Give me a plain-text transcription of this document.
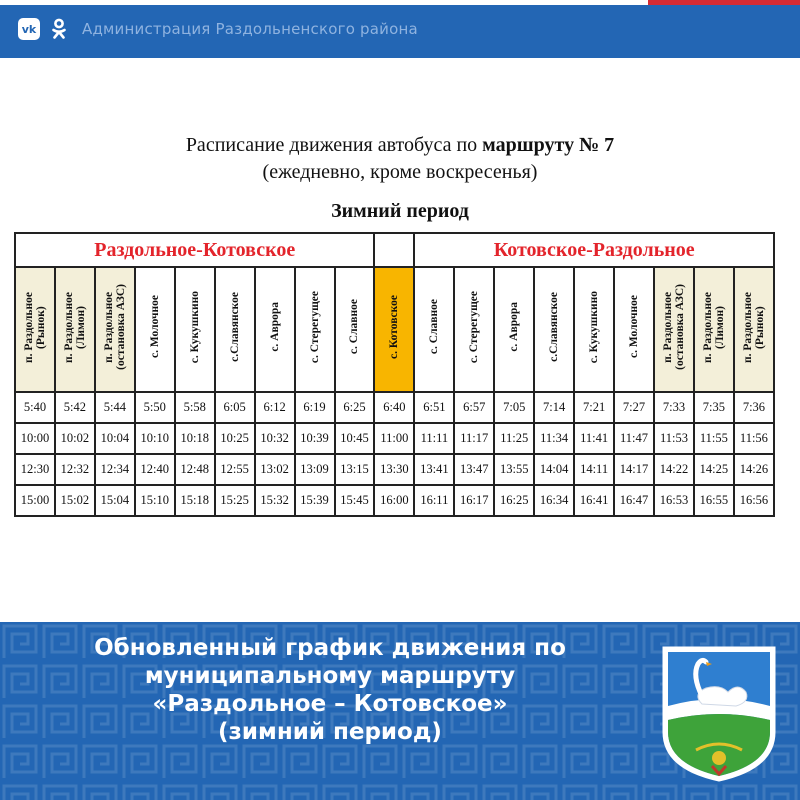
vk	Администрация Раздольненского района
Расписание движения автобуса по маршруту № 7
(ежедневно, кроме воскресенья)
Зимний период
Раздольное-Котовское										Котовское-Раздольное								
п. Раздольное
(Рынок)	п. Раздольное
(Лимон)	п. Раздольное
(остановка АЗС)	с. Молочное	с. Кукушкино	с.Славянское	с. Аврора	с. Стерегущее	с. Славное	с. Котовское	с. Славное	с. Стерегущее	с. Аврора	с.Славянское	с. Кукушкино	с. Молочное	п. Раздольное
(остановка АЗС)	п. Раздольное
(Лимон)	п. Раздольное
(Рынок)
5:40	5:42	5:44	5:50	5:58	6:05	6:12	6:19	6:25	6:40	6:51	6:57	7:05	7:14	7:21	7:27	7:33	7:35	7:36
10:00	10:02	10:04	10:10	10:18	10:25	10:32	10:39	10:45	11:00	11:11	11:17	11:25	11:34	11:41	11:47	11:53	11:55	11:56
12:30	12:32	12:34	12:40	12:48	12:55	13:02	13:09	13:15	13:30	13:41	13:47	13:55	14:04	14:11	14:17	14:22	14:25	14:26
15:00	15:02	15:04	15:10	15:18	15:25	15:32	15:39	15:45	16:00	16:11	16:17	16:25	16:34	16:41	16:47	16:53	16:55	16:56
Обновленный график движения по
муниципальному маршруту
«Раздольное – Котовское»
(зимний период)
